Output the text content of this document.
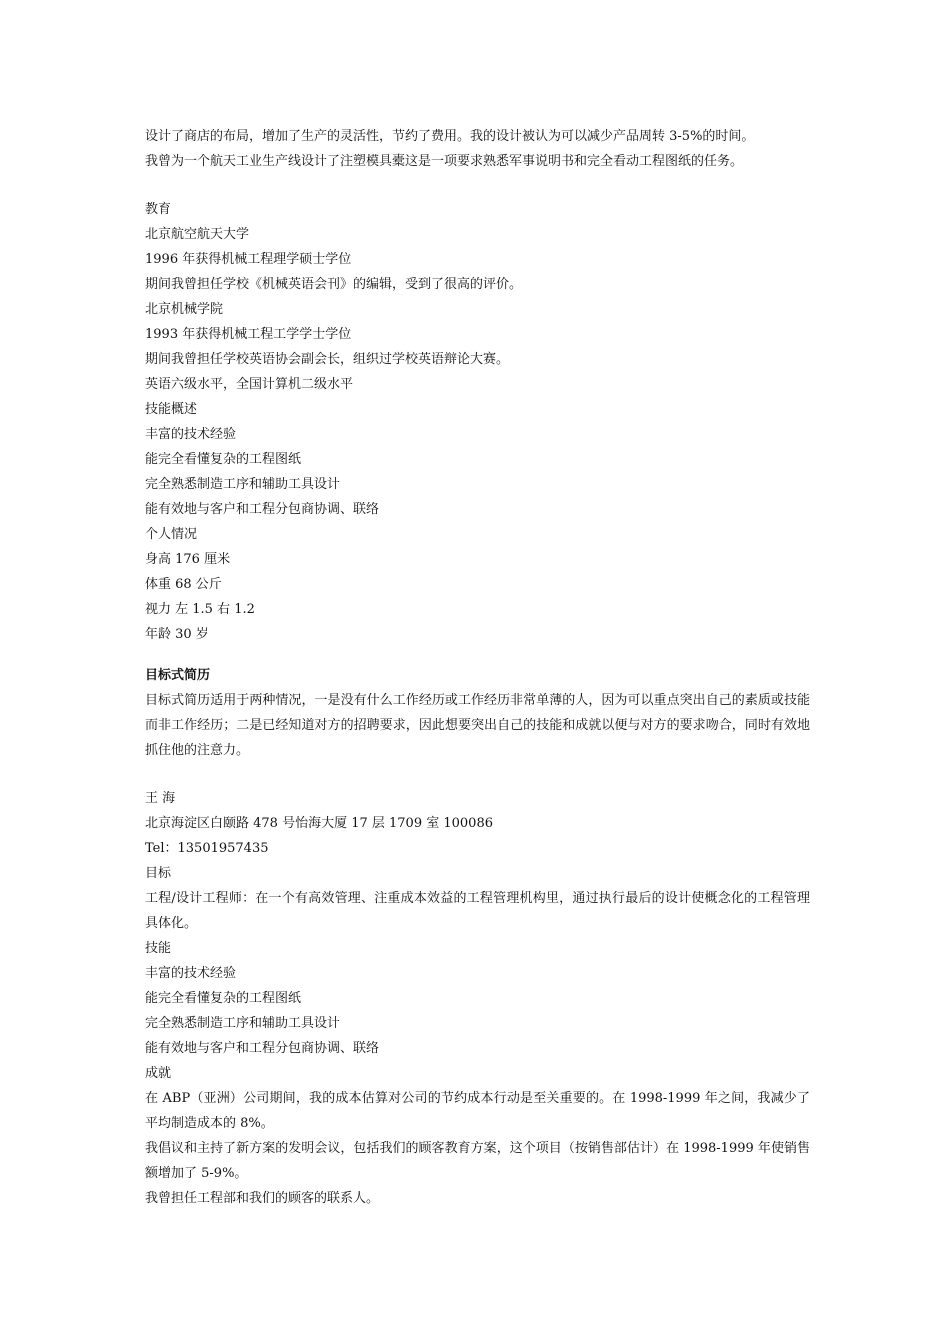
设计了商店的布局，增加了生产的灵活性，节约了费用。我的设计被认为可以减少产品周转 3-5%的时间。
我曾为一个航天工业生产线设计了注塑模具橐这是一项要求熟悉军事说明书和完全看动工程图纸的任务。
教育
北京航空航天大学
1996 年获得机械工程理学硕士学位
期间我曾担任学校《机械英语会刊》的编辑，受到了很高的评价。
北京机械学院
1993 年获得机械工程工学学士学位
期间我曾担任学校英语协会副会长，组织过学校英语辩论大赛。
英语六级水平，全国计算机二级水平
技能概述
丰富的技术经验
能完全看懂复杂的工程图纸
完全熟悉制造工序和辅助工具设计
能有效地与客户和工程分包商协调、联络
个人情况
身高 176 厘米
体重 68 公斤
视力 左 1.5 右 1.2
年龄 30 岁
目标式简历
目标式简历适用于两种情况，一是没有什么工作经历或工作经历非常单薄的人，因为可以重点突出自己的素质或技能而非工作经历；二是已经知道对方的招聘要求，因此想要突出自己的技能和成就以便与对方的要求吻合，同时有效地抓住他的注意力。
王 海
北京海淀区白颐路 478 号怡海大厦 17 层 1709 室 100086
Tel：13501957435
目标
工程/设计工程师：在一个有高效管理、注重成本效益的工程管理机构里，通过执行最后的设计使概念化的工程管理具体化。
技能
丰富的技术经验
能完全看懂复杂的工程图纸
完全熟悉制造工序和辅助工具设计
能有效地与客户和工程分包商协调、联络
成就
在 ABP（亚洲）公司期间，我的成本估算对公司的节约成本行动是至关重要的。在 1998-1999 年之间，我减少了平均制造成本的 8%。
我倡议和主持了新方案的发明会议，包括我们的顾客教育方案，这个项目（按销售部估计）在 1998-1999 年使销售额增加了 5-9%。
我曾担任工程部和我们的顾客的联系人。
